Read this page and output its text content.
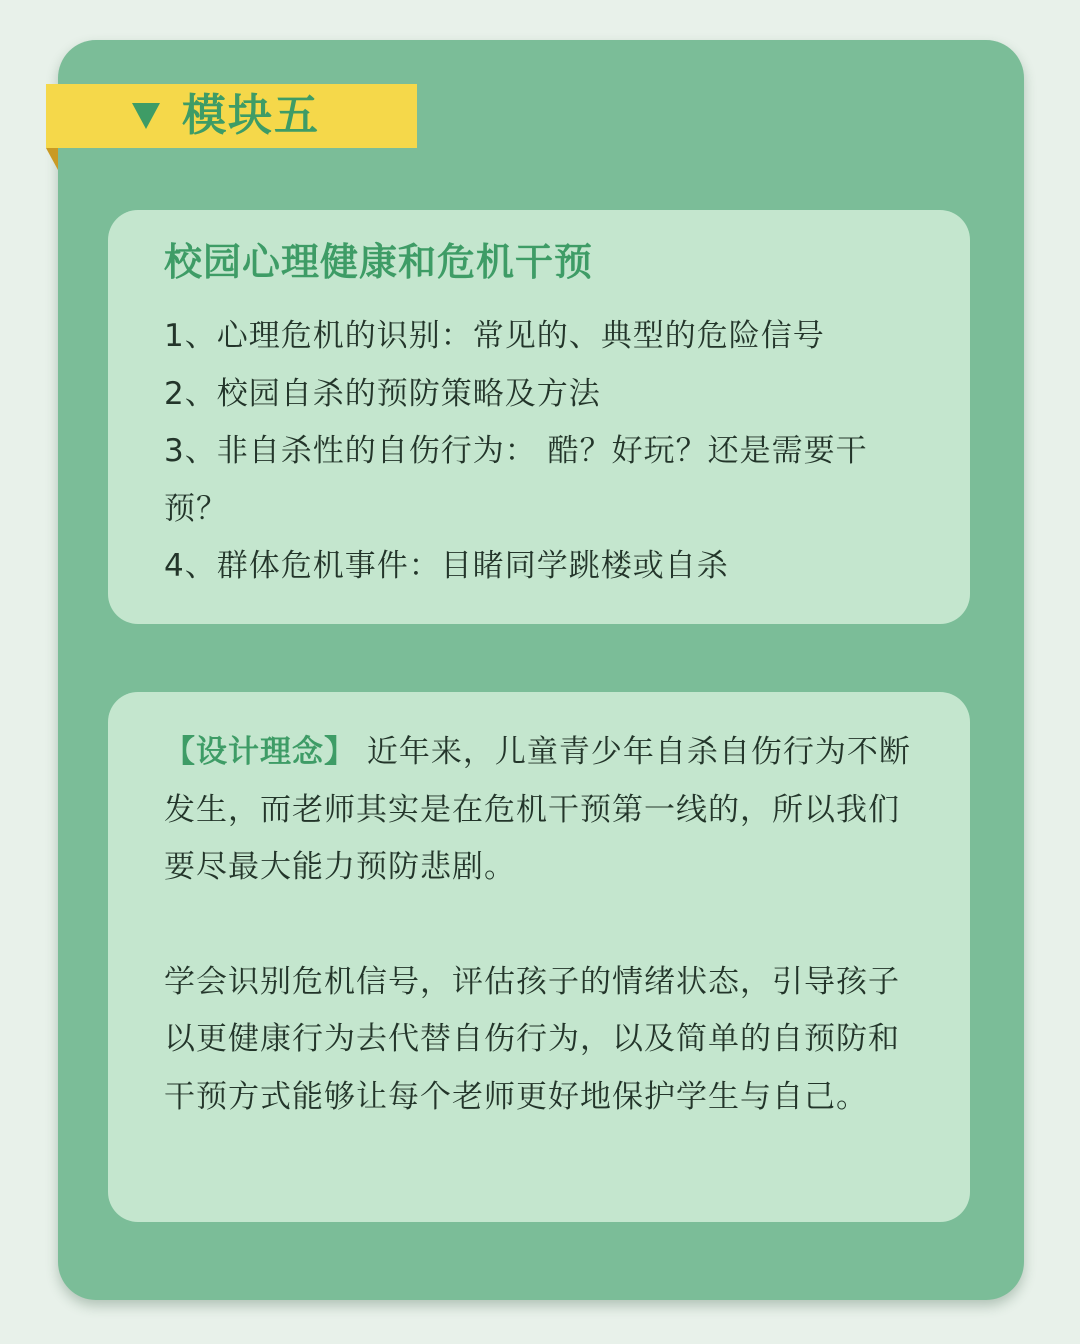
模块五
校园心理健康和危机干预
1、心理危机的识别：常见的、典型的危险信号
2、校园自杀的预防策略及方法
3、非自杀性的自伤行为： 酷？好玩？还是需要干预？
4、群体危机事件：目睹同学跳楼或自杀

【设计理念】 近年来，儿童青少年自杀自伤行为不断发生，而老师其实是在危机干预第一线的，所以我们要尽最大能力预防悲剧。

学会识别危机信号，评估孩子的情绪状态，引导孩子以更健康行为去代替自伤行为，以及简单的自预防和干预方式能够让每个老师更好地保护学生与自己。
